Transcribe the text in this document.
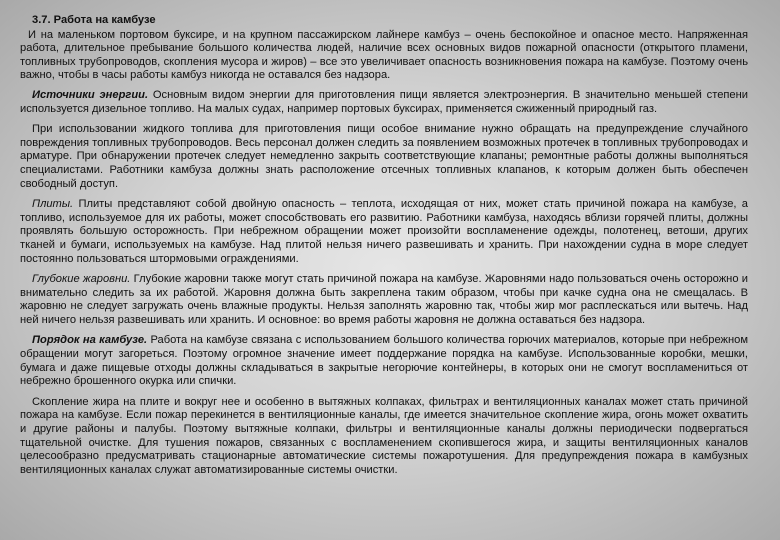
3.7. Работа на камбузе

И на маленьком портовом буксире, и на крупном пассажирском лайнере камбуз – очень беспокойное и опасное место. Напряженная работа, длительное пребывание большого количества людей, наличие всех основных видов пожарной опасности (открытого пламени, топливных трубопроводов, скопления мусора и жиров) – все это увеличивает опасность возникновения пожара на камбузе. Поэтому очень важно, чтобы в часы работы камбуз никогда не оставался без надзора.

Источники энергии. Основным видом энергии для приготовления пищи является электроэнергия. В значительно меньшей степени используется дизельное топливо. На малых судах, например портовых буксирах, применяется сжиженный природный газ.

При использовании жидкого топлива для приготовления пищи особое внимание нужно обращать на предупреждение случайного повреждения топливных трубопроводов. Весь персонал должен следить за появлением возможных протечек в топливных трубопроводах и арматуре. При обнаружении протечек следует немедленно закрыть соответствующие клапаны; ремонтные работы должны выполняться специалистами. Работники камбуза должны знать расположение отсечных топливных клапанов, к которым должен быть обеспечен свободный доступ.

Плиты. Плиты представляют собой двойную опасность – теплота, исходящая от них, может стать причиной пожара на камбузе, а топливо, используемое для их работы, может способствовать его развитию. Работники камбуза, находясь вблизи горячей плиты, должны проявлять большую осторожность. При небрежном обращении может произойти воспламенение одежды, полотенец, ветоши, других тканей и бумаги, используемых на камбузе. Над плитой нельзя ничего развешивать и хранить. При нахождении судна в море следует постоянно пользоваться штормовыми ограждениями.

Глубокие жаровни. Глубокие жаровни также могут стать причиной пожара на камбузе. Жаровнями надо пользоваться очень осторожно и внимательно следить за их работой. Жаровня должна быть закреплена таким образом, чтобы при качке судна она не смещалась. В жаровню не следует загружать очень влажные продукты. Нельзя заполнять жаровню так, чтобы жир мог расплескаться или вытечь. Над ней ничего нельзя развешивать или хранить. И основное: во время работы жаровня не должна оставаться без надзора.

Порядок на камбузе. Работа на камбузе связана с использованием большого количества горючих материалов, которые при небрежном обращении могут загореться. Поэтому огромное значение имеет поддержание порядка на камбузе. Использованные коробки, мешки, бумага и даже пищевые отходы должны складываться в закрытые негорючие контейнеры, в которых они не смогут воспламениться от небрежно брошенного окурка или спички.

Скопление жира на плите и вокруг нее и особенно в вытяжных колпаках, фильтрах и вентиляционных каналах может стать причиной пожара на камбузе. Если пожар перекинется в вентиляционные каналы, где имеется значительное скопление жира, огонь может охватить и другие районы и палубы. Поэтому вытяжные колпаки, фильтры и вентиляционные каналы должны периодически подвергаться тщательной очистке. Для тушения пожаров, связанных с воспламенением скопившегося жира, и защиты вентиляционных каналов целесообразно предусматривать стационарные автоматические системы пожаротушения. Для предупреждения пожара в камбузных вентиляционных каналах служат автоматизированные системы очистки.
